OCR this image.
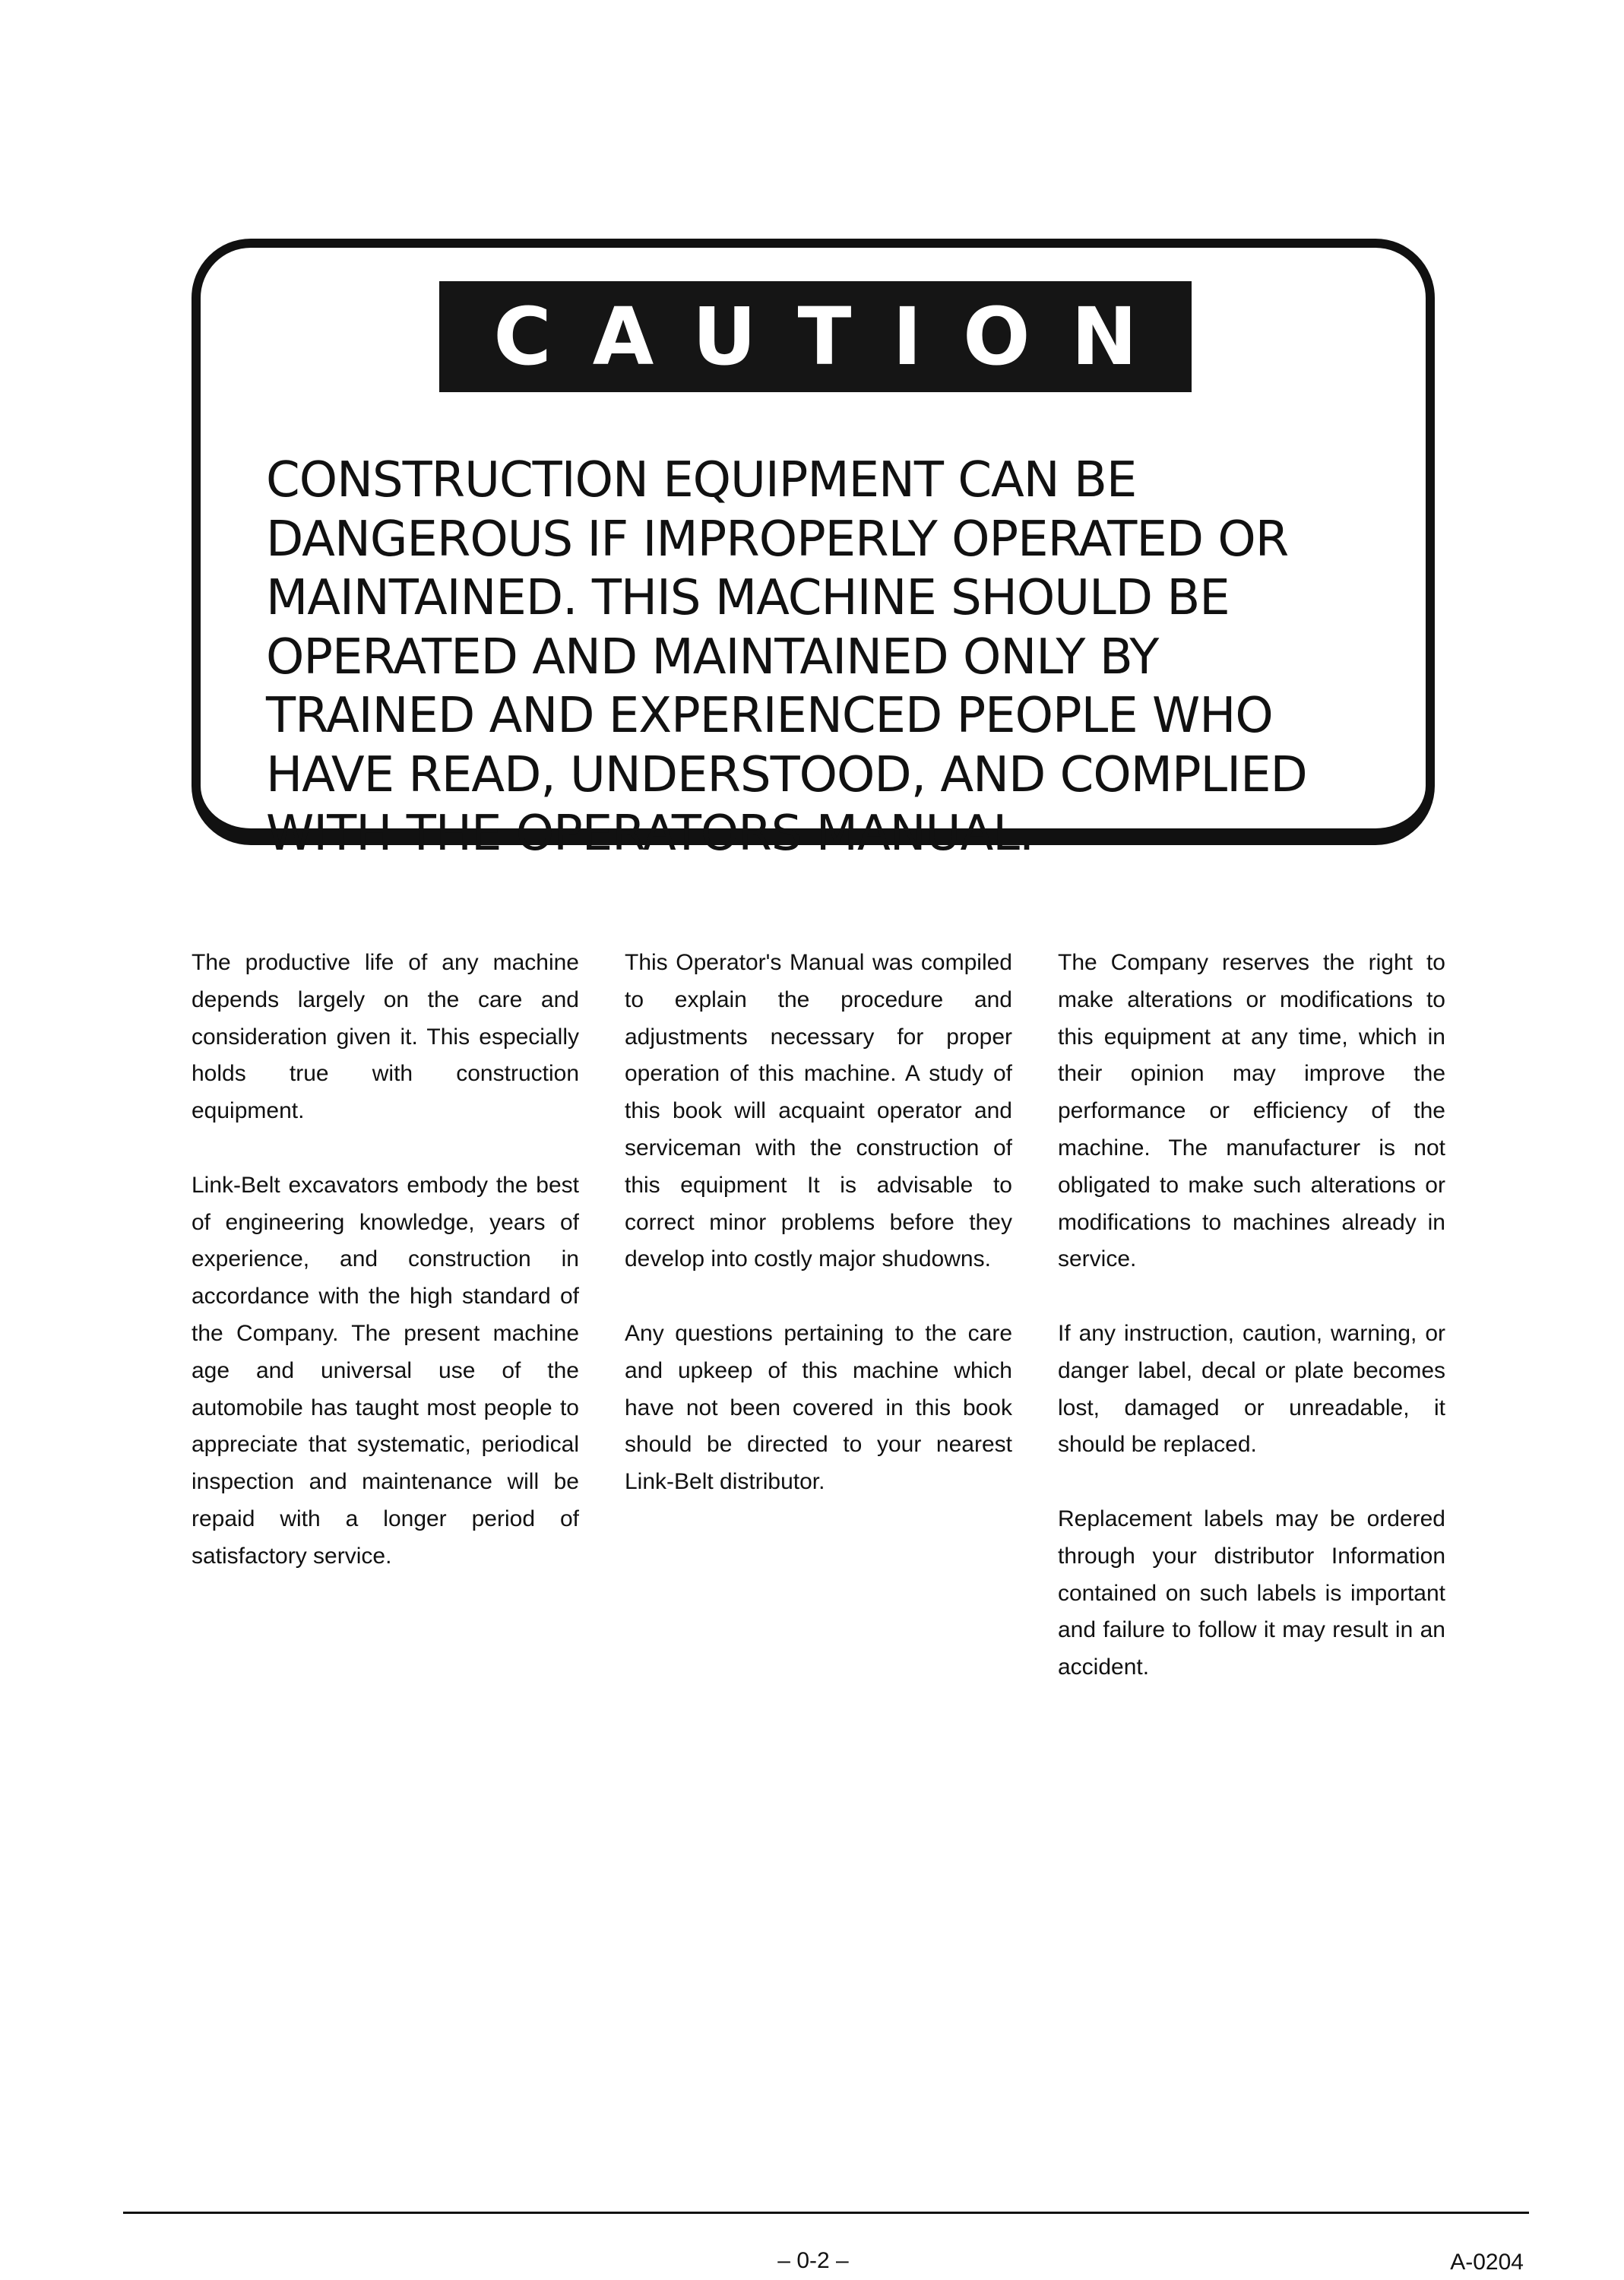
CAUTION

CONSTRUCTION EQUIPMENT CAN BE DANGEROUS IF IMPROPERLY OPERATED OR MAINTAINED. THIS MACHINE SHOULD BE OPERATED AND MAINTAINED ONLY BY TRAINED AND EXPERIENCED PEOPLE WHO HAVE READ, UNDERSTOOD, AND COMPLIED WITH THE OPERATORS MANUAL.

The productive life of any machine depends largely on the care and consideration given it. This especially holds true with construction equipment.

Link-Belt excavators embody the best of engineering knowledge, years of experience, and construction in accordance with the high standard of the Company. The present machine age and universal use of the automobile has taught most people to appreciate that systematic, periodical inspection and maintenance will be repaid with a longer period of satisfactory service.

This Operator's Manual was compiled to explain the procedure and adjustments necessary for proper operation of this machine. A study of this book will acquaint operator and serviceman with the construction of this equipment It is advisable to correct minor problems before they develop into costly major shudowns.

Any questions pertaining to the care and upkeep of this machine which have not been covered in this book should be directed to your nearest Link-Belt distributor.

The Company reserves the right to make alterations or modifications to this equipment at any time, which in their opinion may improve the performance or efficiency of the machine. The manufacturer is not obligated to make such alterations or modifications to machines already in service.

If any instruction, caution, warning, or danger label, decal or plate becomes lost, damaged or unreadable, it should be replaced.

Replacement labels may be ordered through your distributor Information contained on such labels is important and failure to follow it may result in an accident.

– 0-2 –	A-0204
